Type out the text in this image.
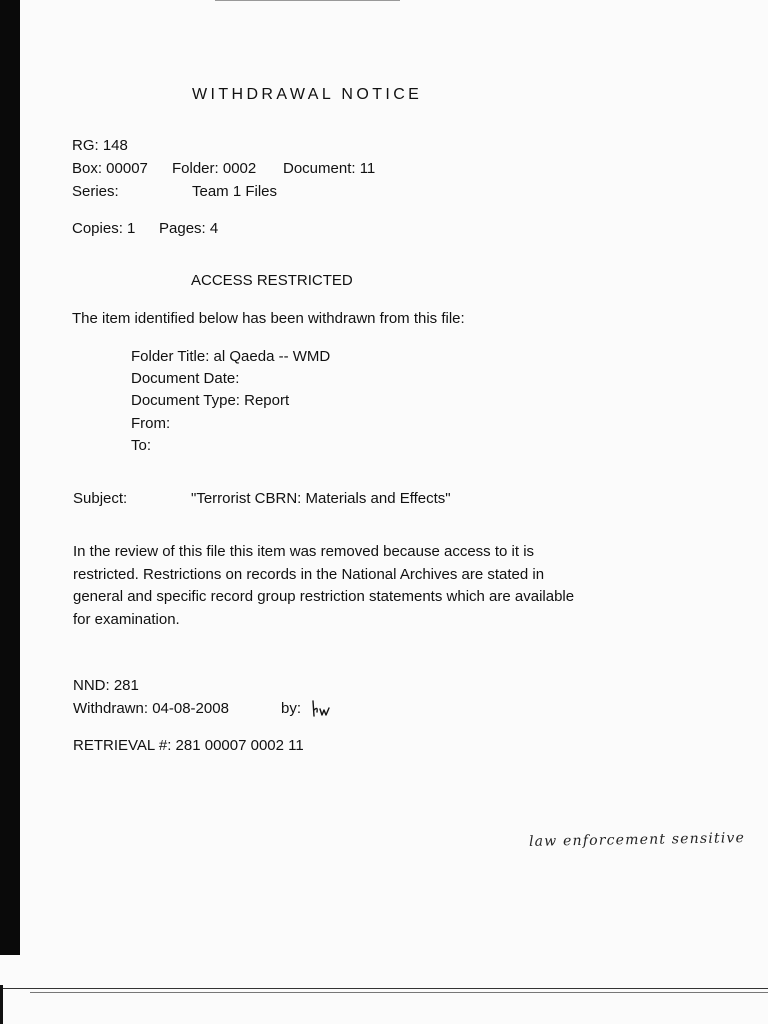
WITHDRAWAL NOTICE
RG: 148
Box: 00007 Folder: 0002 Document: 11
Series:	Team 1 Files
Copies: 1 Pages: 4
ACCESS RESTRICTED
The item identified below has been withdrawn from this file:
Folder Title: al Qaeda -- WMD
Document Date:
Document Type: Report
From:
To:
Subject:	"Terrorist CBRN: Materials and Effects"
In the review of this file this item was removed because access to it is
restricted. Restrictions on records in the National Archives are stated in
general and specific record group restriction statements which are available
for examination.
NND: 281
Withdrawn: 04-08-2008	by:
RETRIEVAL #: 281 00007 0002 11
law enforcement sensitive
